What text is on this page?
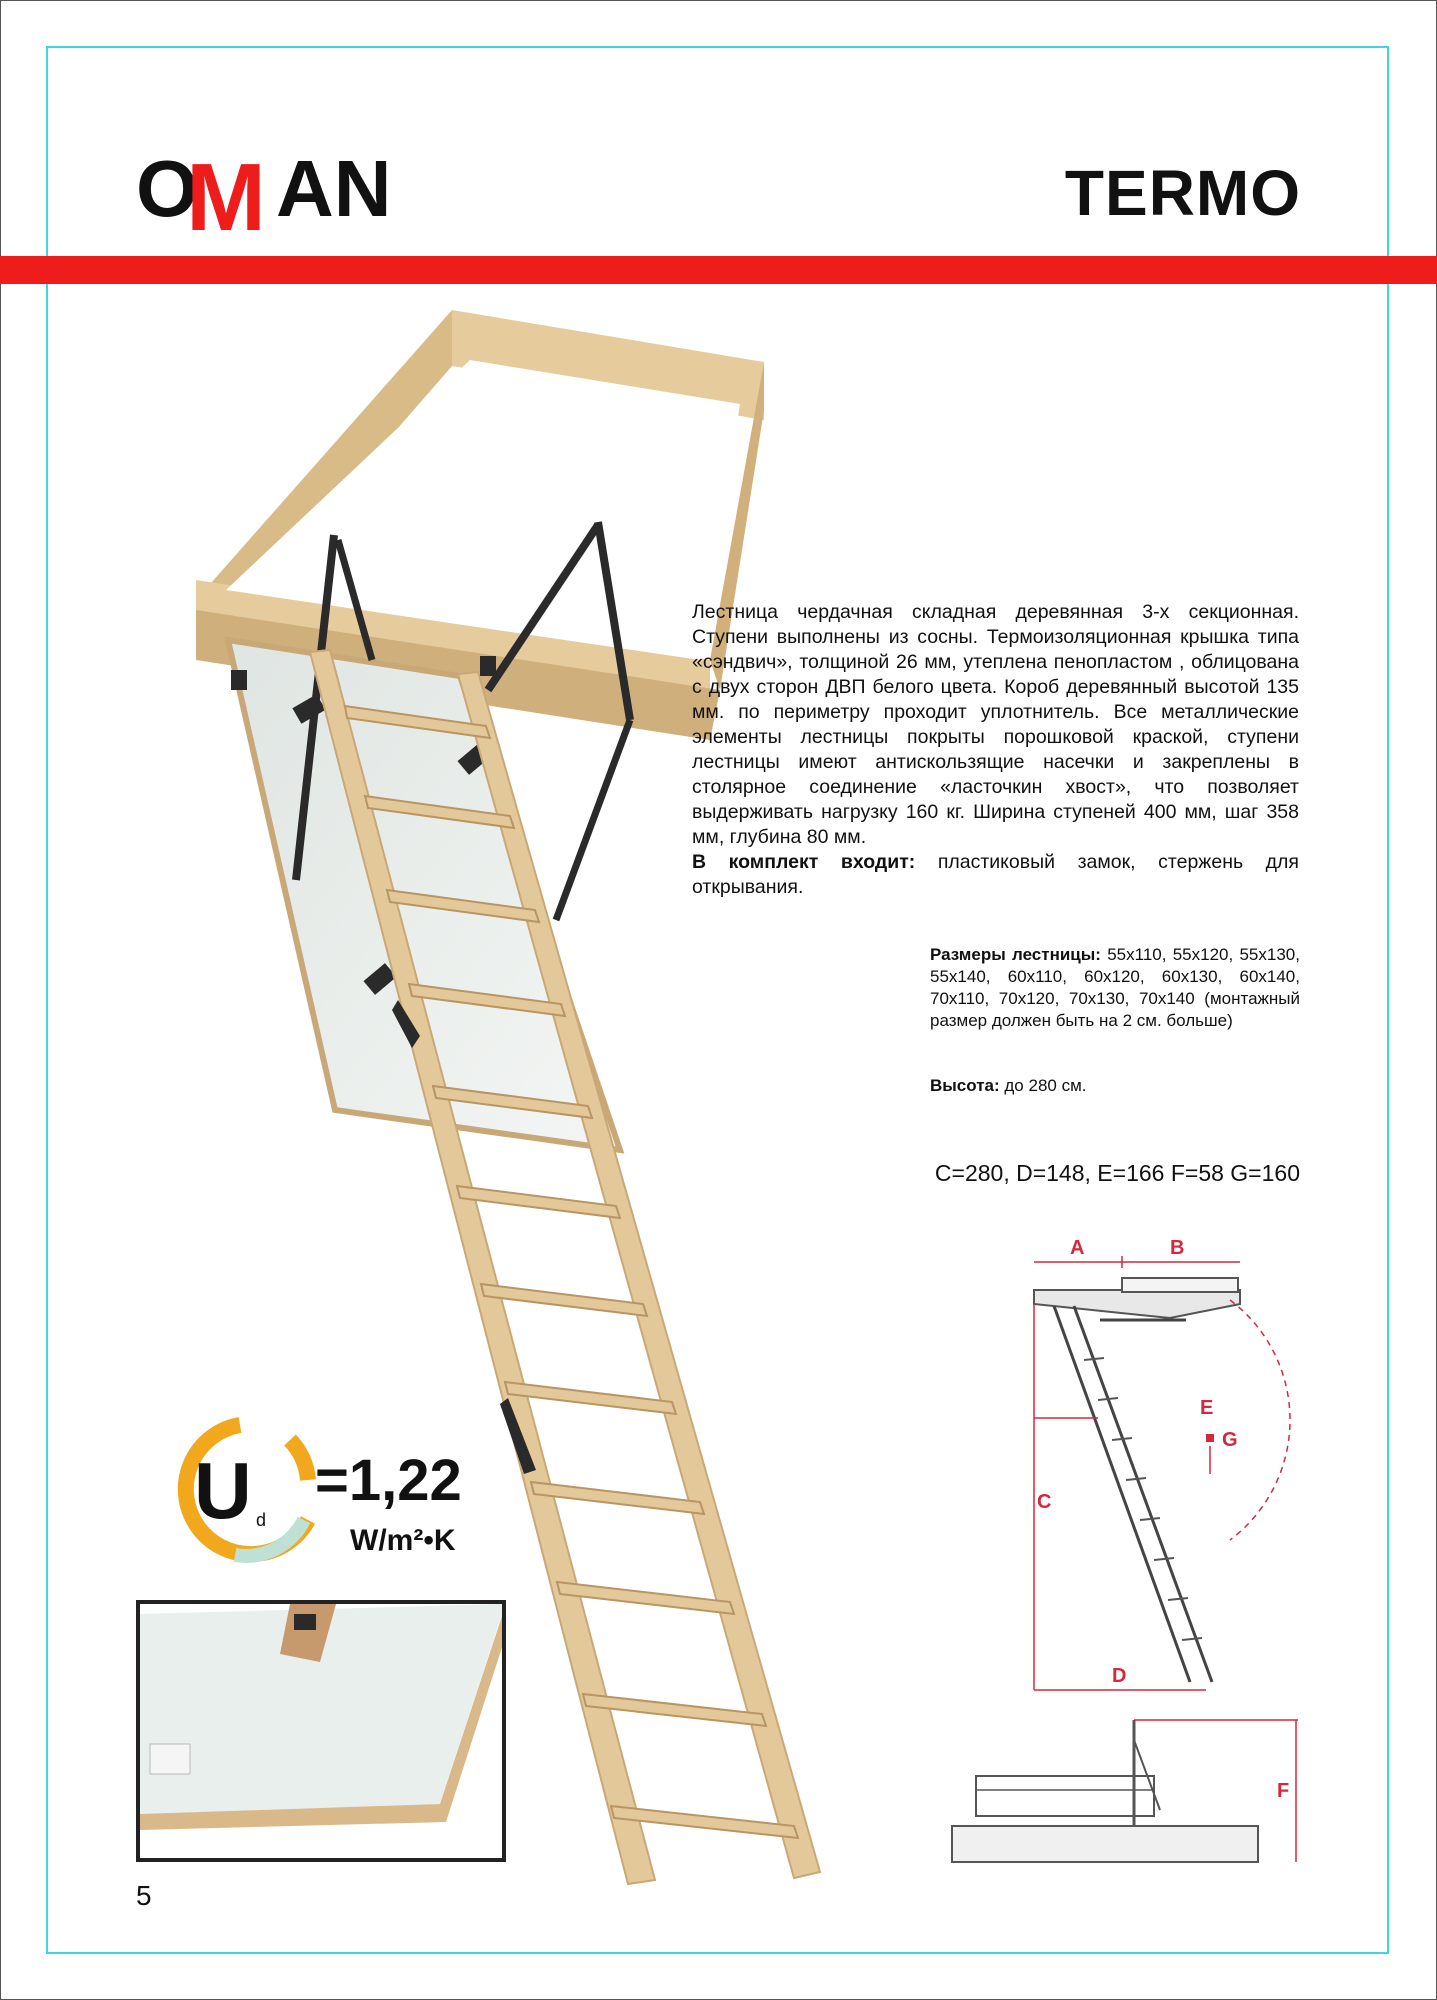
O
M AN	TERMO

Лестница чердачная складная деревянная 3-х секционная. Ступени выполнены из сосны. Термоизоляционная крышка типа «сэндвич», толщиной 26 мм, утеплена пенопластом , облицована с двух сторон ДВП белого цвета. Короб деревянный высотой 135 мм. по периметру проходит уплотнитель. Все металлические элементы лестницы покрыты порошковой краской, ступени лестницы имеют антискользящие насечки и закреплены в столярное соединение «ласточкин хвост», что позволяет выдерживать нагрузку 160 кг. Ширина ступеней 400 мм, шаг 358 мм, глубина 80 мм.

В комплект входит: пластиковый замок, стержень для открывания.

Размеры лестницы: 55x110, 55x120, 55x130, 55x140, 60x110, 60x120, 60x130, 60x140, 70x110, 70x120, 70x130, 70x140 (монтажный размер должен быть на 2 см. больше)

Высота: до 280 см.
C=280, D=148, E=166 F=58 G=160
A	B
C
D
E
F
G
U d
=1,22
W/m²•K
5
